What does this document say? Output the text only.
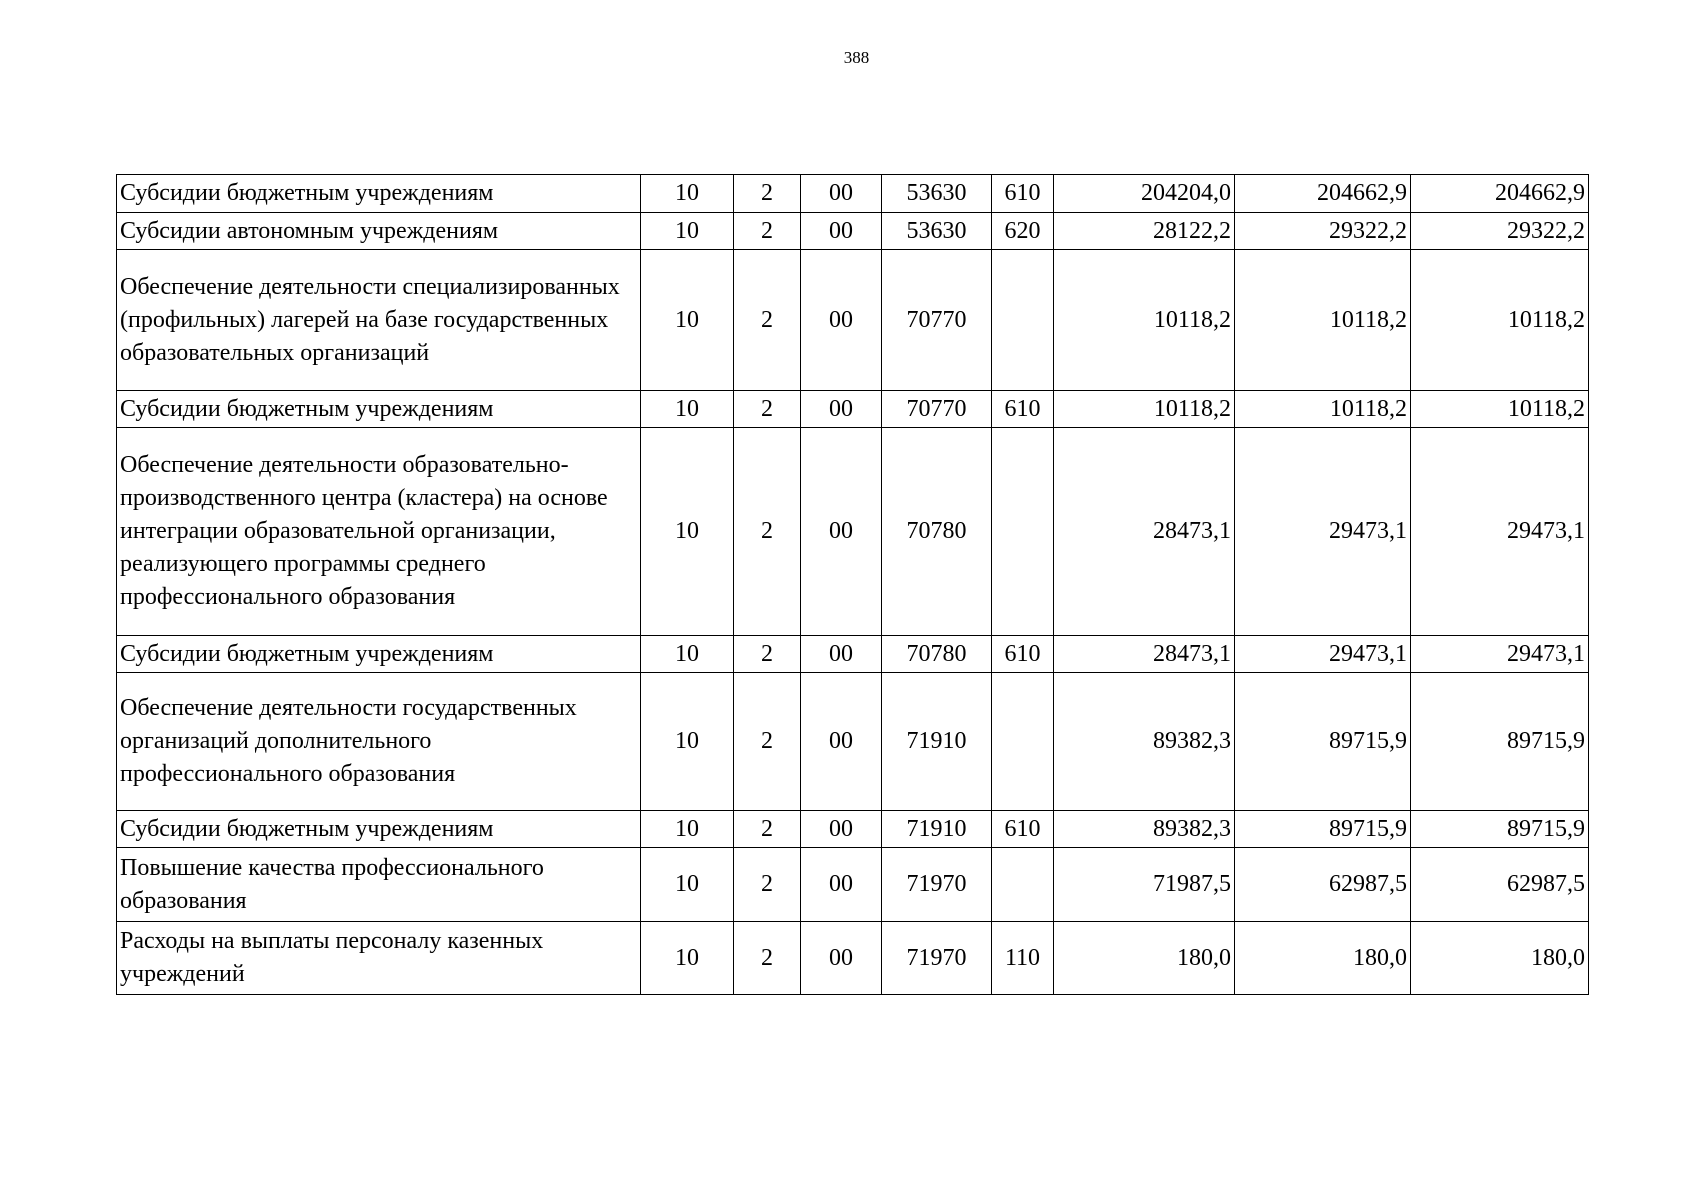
388
Субсидии бюджетным учреждениям	10	2	00	53630	610	204204,0	204662,9	204662,9
Субсидии автономным учреждениям	10	2	00	53630	620	28122,2	29322,2	29322,2
Обеспечение деятельности специализированных (профильных) лагерей на базе государственных образовательных организаций	10	2	00	70770		10118,2	10118,2	10118,2
Субсидии бюджетным учреждениям	10	2	00	70770	610	10118,2	10118,2	10118,2
Обеспечение деятельности образовательно-производственного центра (кластера) на основе интеграции образовательной организации, реализующего программы среднего профессионального образования	10	2	00	70780		28473,1	29473,1	29473,1
Субсидии бюджетным учреждениям	10	2	00	70780	610	28473,1	29473,1	29473,1
Обеспечение деятельности государственных организаций дополнительного профессионального образования	10	2	00	71910		89382,3	89715,9	89715,9
Субсидии бюджетным учреждениям	10	2	00	71910	610	89382,3	89715,9	89715,9
Повышение качества профессионального образования	10	2	00	71970		71987,5	62987,5	62987,5
Расходы на выплаты персоналу казенных учреждений	10	2	00	71970	110	180,0	180,0	180,0
